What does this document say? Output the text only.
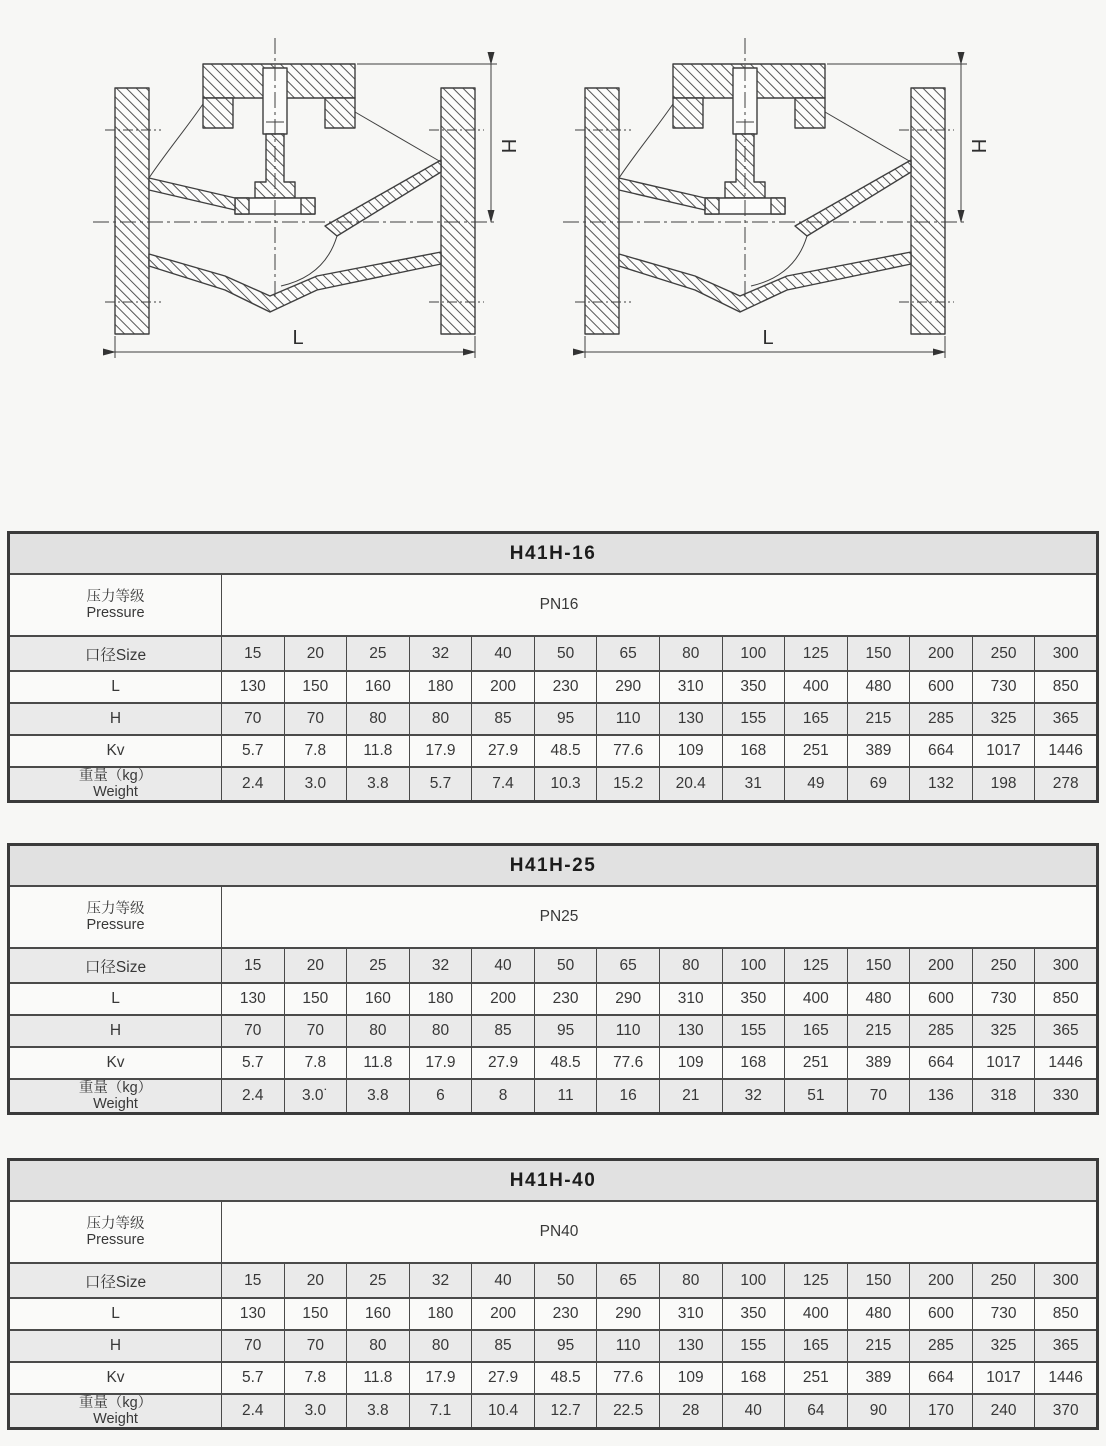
H
L
H41H-16														

压力等级
Pressure	PN16													
口径Size	15	20	25	32	40	50	65	80	100	125	150	200	250	300
L	130	150	160	180	200	230	290	310	350	400	480	600	730	850
H	70	70	80	80	85	95	110	130	155	165	215	285	325	365
Kv	5.7	7.8	11.8	17.9	27.9	48.5	77.6	109	168	251	389	664	1017	1446

重量（kg）
Weight	2.4	3.0	3.8	5.7	7.4	10.3	15.2	20.4	31	49	69	132	198	278
H41H-25														

压力等级
Pressure	PN25													
口径Size	15	20	25	32	40	50	65	80	100	125	150	200	250	300
L	130	150	160	180	200	230	290	310	350	400	480	600	730	850
H	70	70	80	80	85	95	110	130	155	165	215	285	325	365
Kv	5.7	7.8	11.8	17.9	27.9	48.5	77.6	109	168	251	389	664	1017	1446

重量（kg）
Weight	2.4	3.0˙	3.8	6	8	11	16	21	32	51	70	136	318	330
H41H-40														

压力等级
Pressure	PN40													
口径Size	15	20	25	32	40	50	65	80	100	125	150	200	250	300
L	130	150	160	180	200	230	290	310	350	400	480	600	730	850
H	70	70	80	80	85	95	110	130	155	165	215	285	325	365
Kv	5.7	7.8	11.8	17.9	27.9	48.5	77.6	109	168	251	389	664	1017	1446

重量（kg）
Weight	2.4	3.0	3.8	7.1	10.4	12.7	22.5	28	40	64	90	170	240	370
